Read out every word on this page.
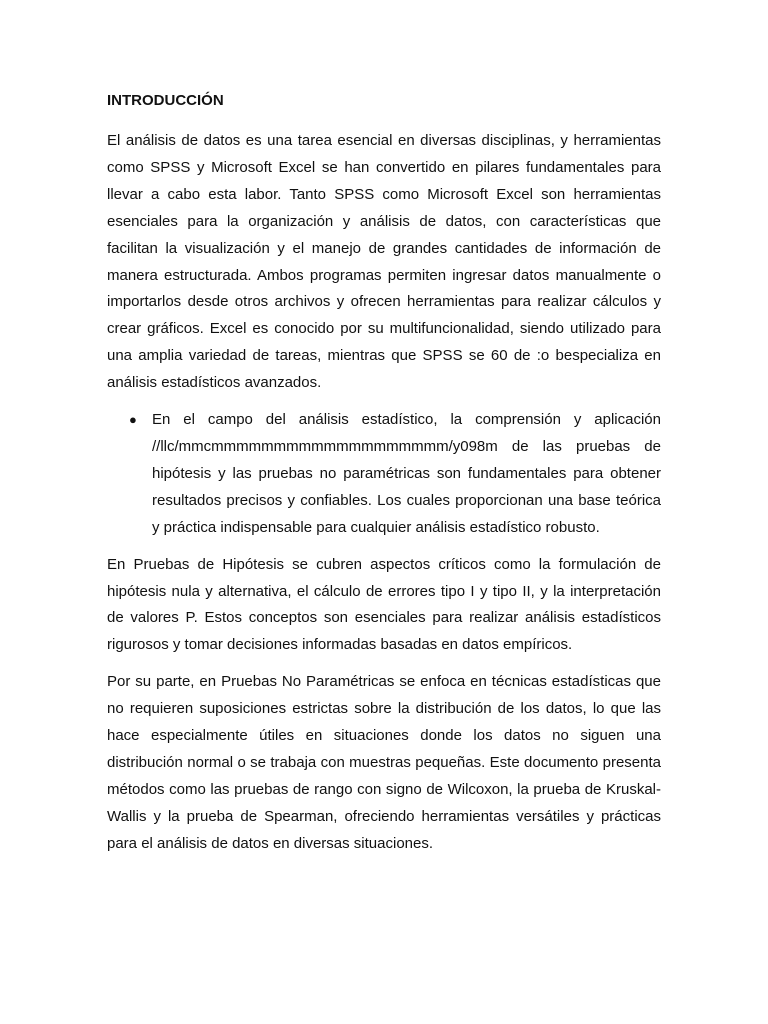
INTRODUCCIÓN

El análisis de datos es una tarea esencial en diversas disciplinas, y herramientas como SPSS y Microsoft Excel se han convertido en pilares fundamentales para llevar a cabo esta labor. Tanto SPSS como Microsoft Excel son herramientas esenciales para la organización y análisis de datos, con características que facilitan la visualización y el manejo de grandes cantidades de información de manera estructurada. Ambos programas permiten ingresar datos manualmente o importarlos desde otros archivos y ofrecen herramientas para realizar cálculos y crear gráficos. Excel es conocido por su multifuncionalidad, siendo utilizado para una amplia variedad de tareas, mientras que SPSS se 60 de :o bespecializa en análisis estadísticos avanzados.

● En el campo del análisis estadístico, la comprensión y aplicación //llc/mmcmmmmmmmmmmmmmmmmmmm/y098m de las pruebas de hipótesis y las pruebas no paramétricas son fundamentales para obtener resultados precisos y confiables. Los cuales proporcionan una base teórica y práctica indispensable para cualquier análisis estadístico robusto.

En Pruebas de Hipótesis se cubren aspectos críticos como la formulación de hipótesis nula y alternativa, el cálculo de errores tipo I y tipo II, y la interpretación de valores P. Estos conceptos son esenciales para realizar análisis estadísticos rigurosos y tomar decisiones informadas basadas en datos empíricos.

Por su parte, en Pruebas No Paramétricas se enfoca en técnicas estadísticas que no requieren suposiciones estrictas sobre la distribución de los datos, lo que las hace especialmente útiles en situaciones donde los datos no siguen una distribución normal o se trabaja con muestras pequeñas. Este documento presenta métodos como las pruebas de rango con signo de Wilcoxon, la prueba de Kruskal-Wallis y la prueba de Spearman, ofreciendo herramientas versátiles y prácticas para el análisis de datos en diversas situaciones.
